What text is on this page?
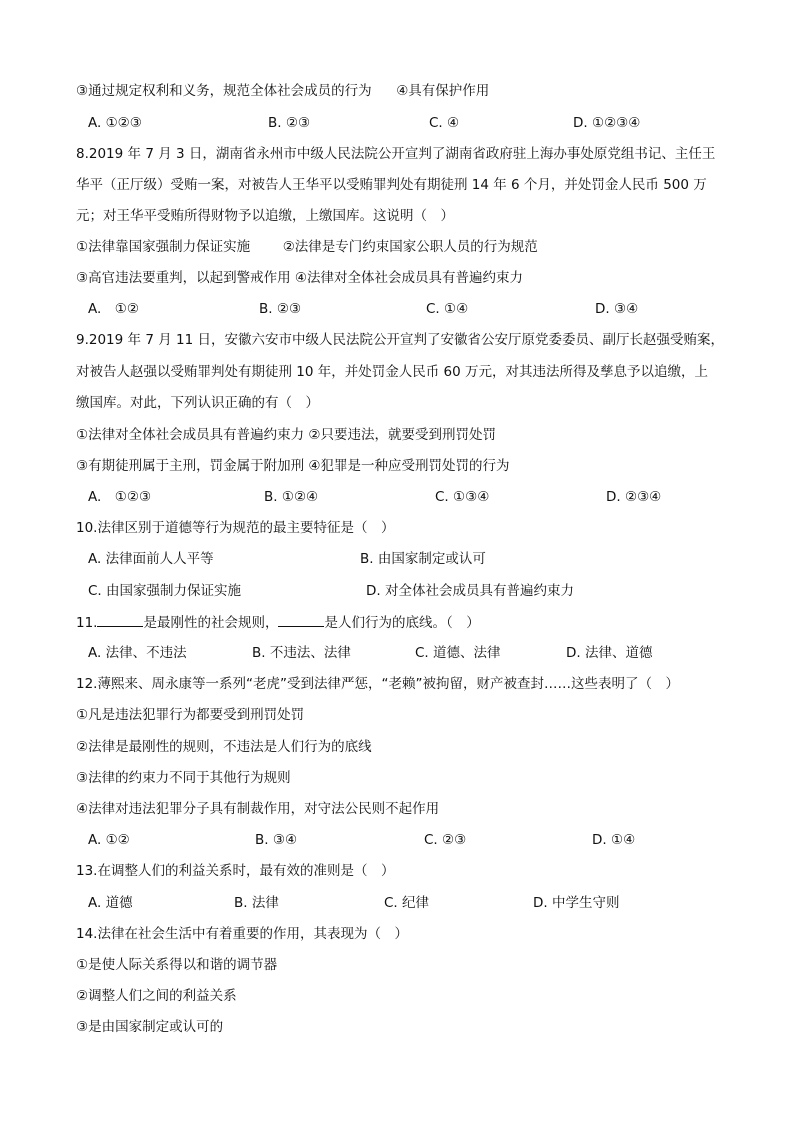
③通过规定权利和义务，规范全体社会成员的行为 ④具有保护作用
A. ①②③	B. ②③	C. ④	D. ①②③④
8.2019 年 7 月 3 日，湖南省永州市中级人民法院公开宣判了湖南省政府驻上海办事处原党组书记、主任王
华平（正厅级）受贿一案，对被告人王华平以受贿罪判处有期徒刑 14 年 6 个月，并处罚金人民币 500 万
元；对王华平受贿所得财物予以追缴，上缴国库。这说明（　）
①法律靠国家强制力保证实施 ②法律是专门约束国家公职人员的行为规范
③高官违法要重判，以起到警戒作用 ④法律对全体社会成员具有普遍约束力
A.　①②	B. ②③	C. ①④	D. ③④
9.2019 年 7 月 11 日，安徽六安市中级人民法院公开宣判了安徽省公安厅原党委委员、副厅长赵强受贿案，
对被告人赵强以受贿罪判处有期徒刑 10 年，并处罚金人民币 60 万元，对其违法所得及孳息予以追缴，上
缴国库。对此，下列认识正确的有（　）
①法律对全体社会成员具有普遍约束力 ②只要违法，就要受到刑罚处罚
③有期徒刑属于主刑，罚金属于附加刑 ④犯罪是一种应受刑罚处罚的行为
A.　①②③	B. ①②④	C. ①③④	D. ②③④
10.法律区别于道德等行为规范的最主要特征是（　）
A. 法律面前人人平等	B. 由国家制定或认可
C. 由国家强制力保证实施	D. 对全体社会成员具有普遍约束力
11.	是最刚性的社会规则，	是人们行为的底线。（　）
A. 法律、不违法	B. 不违法、法律	C. 道德、法律	D. 法律、道德
12.薄熙来、周永康等一系列“老虎”受到法律严惩，“老赖”被拘留，财产被查封……这些表明了（　）
①凡是违法犯罪行为都要受到刑罚处罚
②法律是最刚性的规则，不违法是人们行为的底线
③法律的约束力不同于其他行为规则
④法律对违法犯罪分子具有制裁作用，对守法公民则不起作用
A. ①②	B. ③④	C. ②③	D. ①④
13.在调整人们的利益关系时，最有效的准则是（　）
A. 道德	B. 法律	C. 纪律	D. 中学生守则
14.法律在社会生活中有着重要的作用，其表现为（　）
①是使人际关系得以和谐的调节器
②调整人们之间的利益关系
③是由国家制定或认可的
